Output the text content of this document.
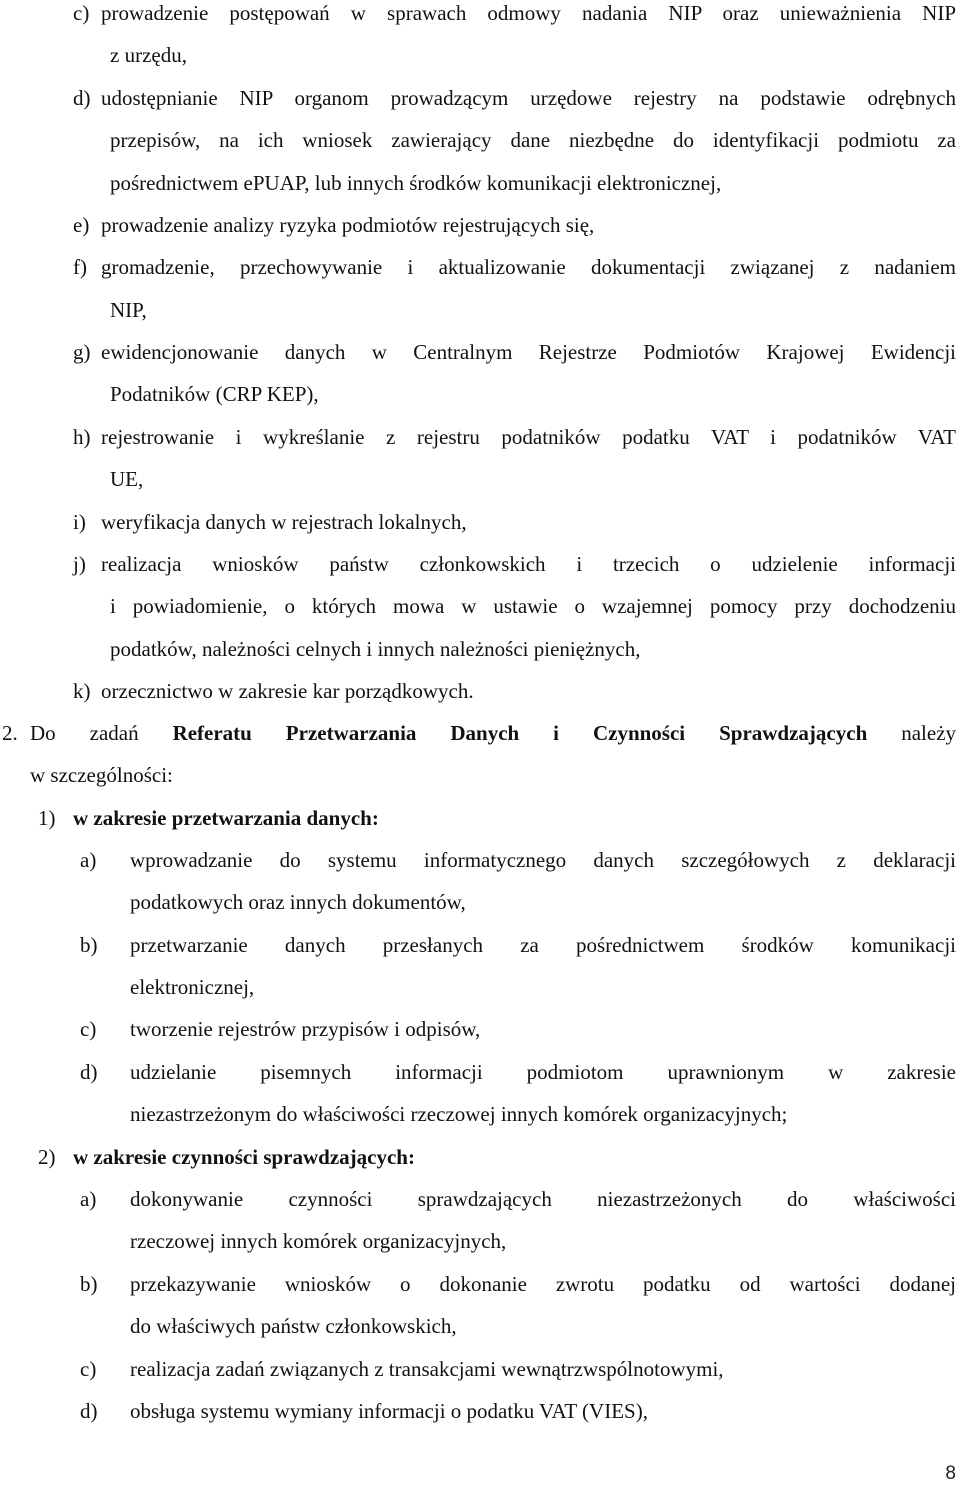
c) prowadzenie postępowań w sprawach odmowy nadania NIP oraz unieważnienia NIP
z urzędu,
d) udostępnianie NIP organom prowadzącym urzędowe rejestry na podstawie odrębnych
przepisów, na ich wniosek zawierający dane niezbędne do identyfikacji podmiotu za
pośrednictwem ePUAP, lub innych środków komunikacji elektronicznej,
e) prowadzenie analizy ryzyka podmiotów rejestrujących się,
f) gromadzenie, przechowywanie i aktualizowanie dokumentacji związanej z nadaniem
NIP,
g) ewidencjonowanie danych w Centralnym Rejestrze Podmiotów Krajowej Ewidencji
Podatników (CRP KEP),
h) rejestrowanie i wykreślanie z rejestru podatników podatku VAT i podatników VAT
UE,
i) weryfikacja danych w rejestrach lokalnych,
j) realizacja wniosków państw członkowskich i trzecich o udzielenie informacji
i powiadomienie, o których mowa w ustawie o wzajemnej pomocy przy dochodzeniu
podatków, należności celnych i innych należności pieniężnych,
k) orzecznictwo w zakresie kar porządkowych.
2. Do zadań Referatu Przetwarzania Danych i Czynności Sprawdzających należy
w szczególności:
1) w zakresie przetwarzania danych:
a) wprowadzanie do systemu informatycznego danych szczegółowych z deklaracji
podatkowych oraz innych dokumentów,
b) przetwarzanie danych przesłanych za pośrednictwem środków komunikacji
elektronicznej,
c) tworzenie rejestrów przypisów i odpisów,
d) udzielanie pisemnych informacji podmiotom uprawnionym w zakresie
niezastrzeżonym do właściwości rzeczowej innych komórek organizacyjnych;
2) w zakresie czynności sprawdzających:
a) dokonywanie czynności sprawdzających niezastrzeżonych do właściwości
rzeczowej innych komórek organizacyjnych,
b) przekazywanie wniosków o dokonanie zwrotu podatku od wartości dodanej
do właściwych państw członkowskich,
c) realizacja zadań związanych z transakcjami wewnątrzwspólnotowymi,
d) obsługa systemu wymiany informacji o podatku VAT (VIES),
8
